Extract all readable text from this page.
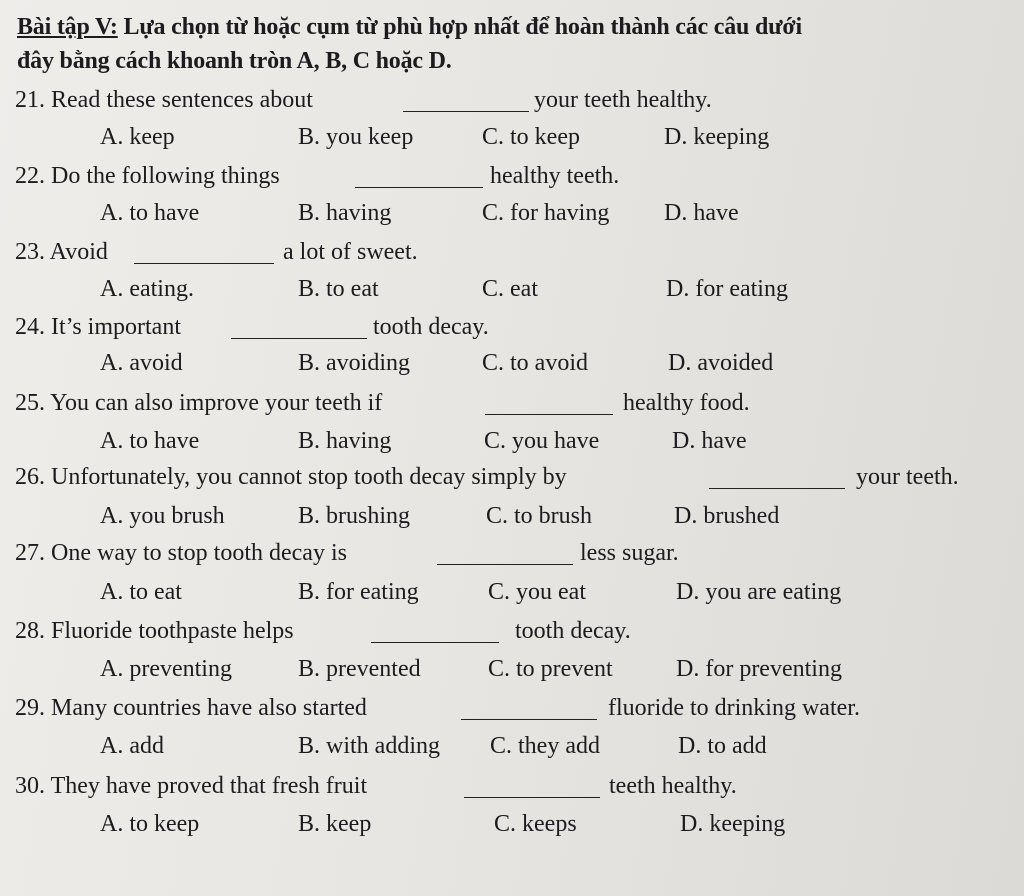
Bài tập V: Lựa chọn từ hoặc cụm từ phù hợp nhất để hoàn thành các câu dưới
đây bằng cách khoanh tròn A, B, C hoặc D.
21. Read these sentences about	your teeth healthy.
A. keep	B. you keep	C. to keep	D. keeping
22. Do the following things	healthy teeth.
A. to have	B. having	C. for having D. have
23. Avoid	a lot of sweet.
A. eating.	B. to eat	C. eat	D. for eating
24. It’s important	tooth decay.
A. avoid	B. avoiding	C. to avoid	D. avoided
25. You can also improve your teeth if	healthy food.
A. to have	B. having	C. you have	D. have
26. Unfortunately, you cannot stop tooth decay simply by	your teeth.
A. you brush	B. brushing	C. to brush	D. brushed
27. One way to stop tooth decay is	less sugar.
A. to eat	B. for eating	C. you eat	D. you are eating
28. Fluoride toothpaste helps	tooth decay.
A. preventing	B. prevented	C. to prevent	D. for preventing
29. Many countries have also started	fluoride to drinking water.
A. add	B. with adding C. they add	D. to add
30. They have proved that fresh fruit	teeth healthy.
A. to keep	B. keep	C. keeps	D. keeping
